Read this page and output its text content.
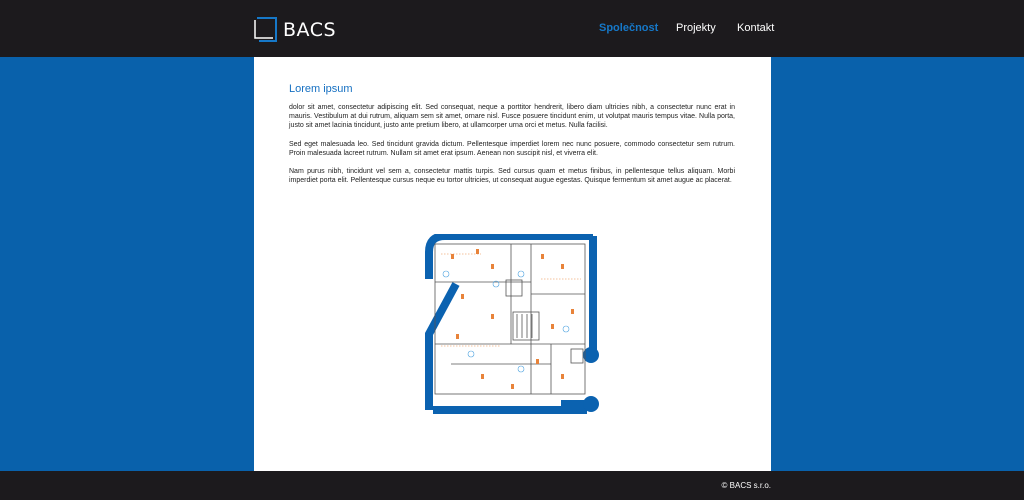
BACS	Společnost Projekty Kontakt
Lorem ipsum

dolor sit amet, consectetur adipiscing elit. Sed consequat, neque a porttitor hendrerit, libero diam ultricies nibh, a consectetur nunc erat in mauris. Vestibulum at dui rutrum, aliquam sem sit amet, ornare nisl. Fusce posuere tincidunt enim, ut volutpat mauris tempus vitae. Nulla porta, justo sit amet lacinia tincidunt, justo ante pretium libero, at ullamcorper urna orci et metus. Nulla facilisi.

Sed eget malesuada leo. Sed tincidunt gravida dictum. Pellentesque imperdiet lorem nec nunc posuere, commodo consectetur sem rutrum. Proin malesuada lacreet rutrum. Nullam sit amet erat ipsum. Aenean non suscipit nisl, et viverra elit.

Nam purus nibh, tincidunt vel sem a, consectetur mattis turpis. Sed cursus quam et metus finibus, in pellentesque tellus aliquam. Morbi imperdiet porta elit. Pellentesque cursus neque eu tortor ultricies, ut consequat augue egestas. Quisque fermentum sit amet augue ac placerat.

© BACS s.r.o.
